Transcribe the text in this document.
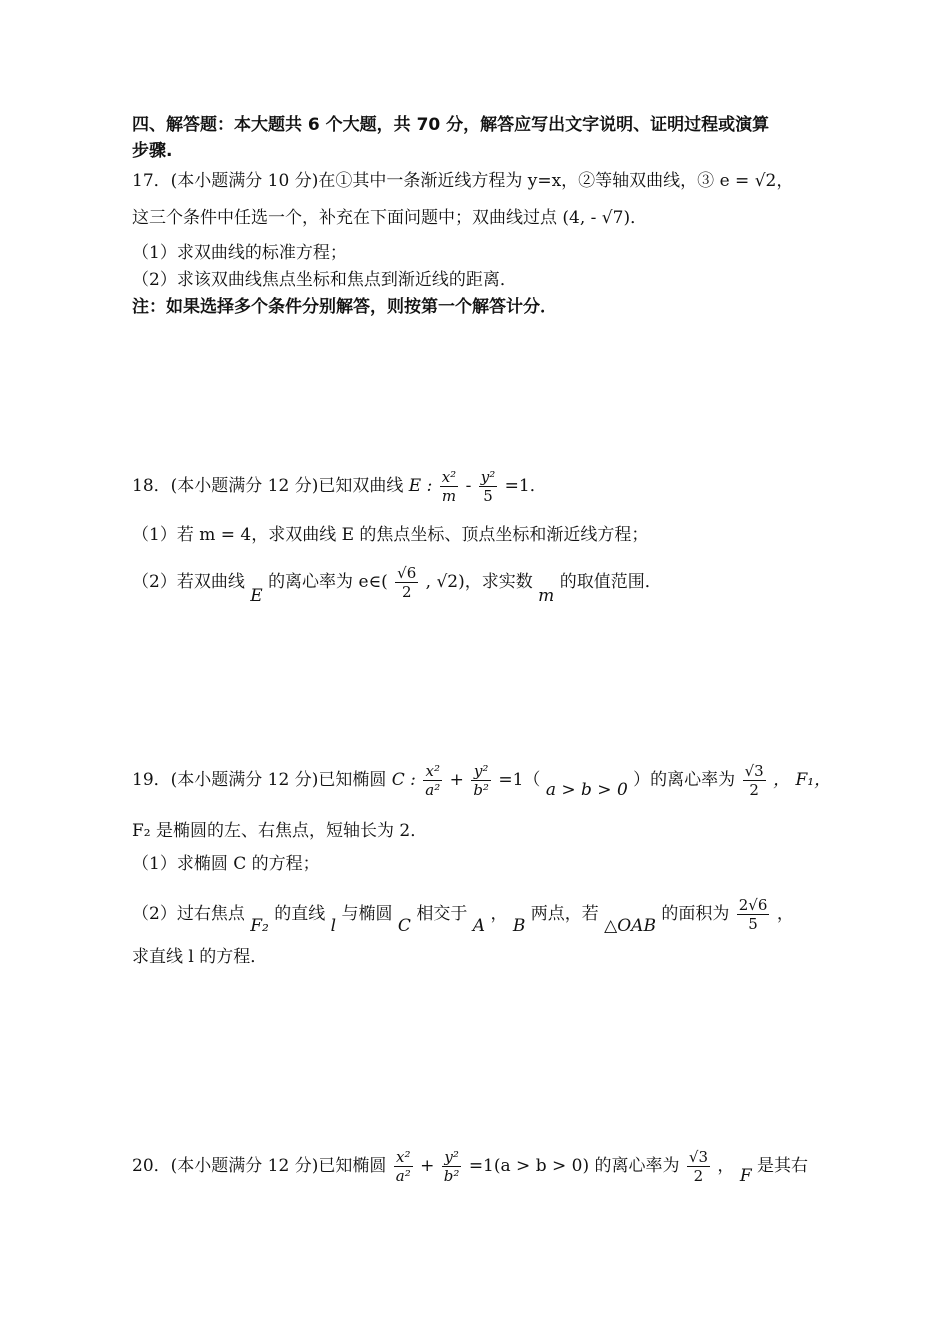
四、解答题：本大题共 6 个大题，共 70 分，解答应写出文字说明、证明过程或演算
步骤.
17．(本小题满分 10 分)在①其中一条渐近线方程为 y=x，②等轴双曲线，③ e = √2，
这三个条件中任选一个，补充在下面问题中；双曲线过点 (4, - √7)．
（1）求双曲线的标准方程；
（2）求该双曲线焦点坐标和焦点到渐近线的距离．
注：如果选择多个条件分别解答，则按第一个解答计分．
18．(本小题满分 12 分)已知双曲线 E : $\frac{\text{x²}}{m} - \frac{\text{y²}}{5} =1$．
（1）若 m = 4，求双曲线 E 的焦点坐标、顶点坐标和渐近线方程；
（2）若双曲线 E 的离心率为 e∈( $\frac{√6}{2}$ , √2)，求实数 m 的取值范围．
19．(本小题满分 12 分)已知椭圆 C : $\frac{\text{x²}}{\text{a²}} + \frac{\text{y²}}{\text{b²}} =1$（ a > b > 0 ）的离心率为 $\frac{√3}{2}$ ， F₁，
F₂ 是椭圆的左、右焦点，短轴长为 2．
（1）求椭圆 C 的方程；
（2）过右焦点 F₂ 的直线 l 与椭圆 C 相交于 A ， B 两点，若 △OAB 的面积为 $\frac{2√6}{5}$ ，
求直线 l 的方程．
20．(本小题满分 12 分)已知椭圆 $\frac{\text{x²}}{\text{a²}} + \frac{\text{y²}}{\text{b²}} =1(a > b > 0)$ 的离心率为 $\frac{√3}{2}$ ， F 是其右
